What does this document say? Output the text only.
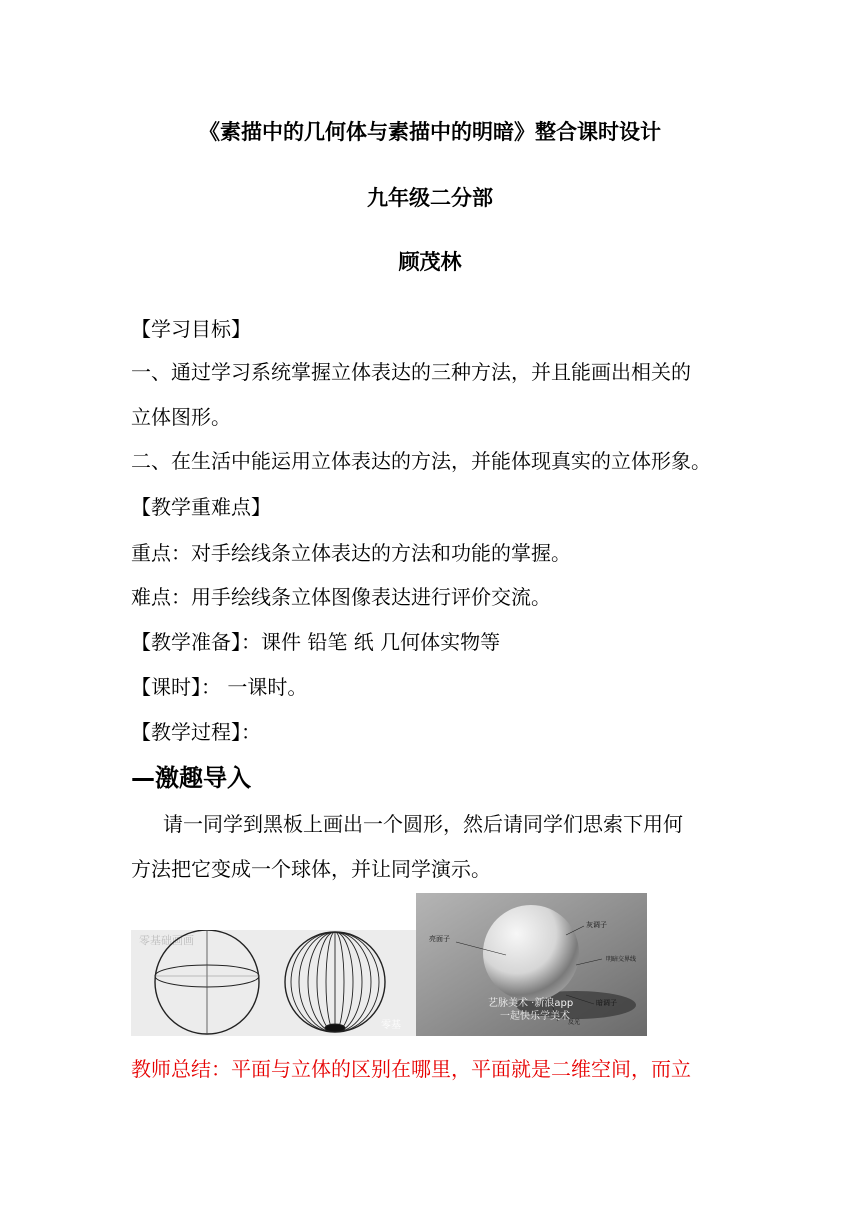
《素描中的几何体与素描中的明暗》整合课时设计
九年级二分部
顾茂林
【学习目标】
一、通过学习系统掌握立体表达的三种方法，并且能画出相关的
立体图形。
二、在生活中能运用立体表达的方法，并能体现真实的立体形象。
【教学重难点】
重点：对手绘线条立体表达的方法和功能的掌握。
难点：用手绘线条立体图像表达进行评价交流。
【教学准备】：课件 铅笔 纸 几何体实物等
【课时】： 一课时。
【教学过程】：
—激趣导入
请一同学到黑板上画出一个圆形，然后请同学们思索下用何
方法把它变成一个球体，并让同学演示。
零基础画画
零基
亮面子
灰调子
明暗交界线
暗调子
反光
艺脉美术 ·新浪app
一起快乐学美术
教师总结：平面与立体的区别在哪里，平面就是二维空间，而立
